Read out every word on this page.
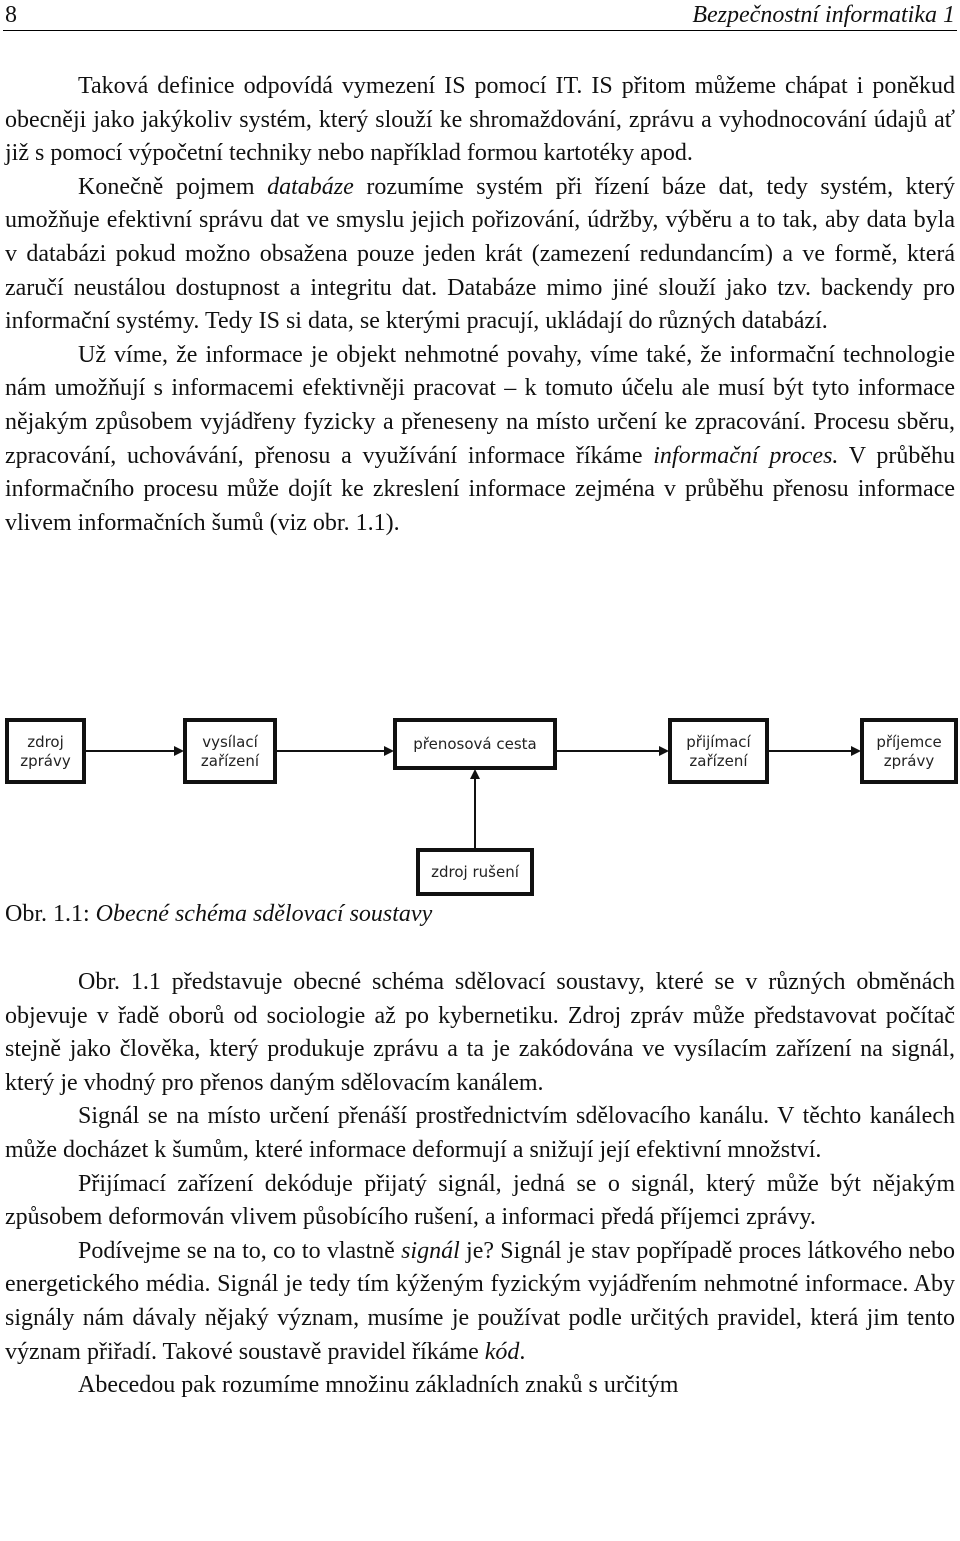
8	Bezpečnostní informatika 1

Taková definice odpovídá vymezení IS pomocí IT. IS přitom můžeme chápat i poněkud obecněji jako jakýkoliv systém, který slouží ke shromaždování, zprávu a vyhodnocování údajů ať již s pomocí výpočetní techniky nebo například formou kartotéky apod.

Konečně pojmem databáze rozumíme systém při řízení báze dat, tedy systém, který umožňuje efektivní správu dat ve smyslu jejich pořizování, údržby, výběru a to tak, aby data byla v databázi pokud možno obsažena pouze jeden krát (zamezení redundancím) a ve formě, která zaručí neustálou dostupnost a integritu dat. Databáze mimo jiné slouží jako tzv. backendy pro informační systémy. Tedy IS si data, se kterými pracují, ukládají do různých databází.

Už víme, že informace je objekt nehmotné povahy, víme také, že informační technologie nám umožňují s informacemi efektivněji pracovat – k tomuto účelu ale musí být tyto informace nějakým způsobem vyjádřeny fyzicky a přeneseny na místo určení ke zpracování. Procesu sběru, zpracování, uchovávání, přenosu a využívání informace říkáme informační proces. V průběhu informačního procesu může dojít ke zkreslení informace zejména v průběhu přenosu informace vlivem informačních šumů (viz obr. 1.1).

zdroj
zprávy
vysílací
zařízení
přenosová cesta	přijímací
zařízení
příjemce
zprávy
zdroj rušení
Obr. 1.1: Obecné schéma sdělovací soustavy

Obr. 1.1 představuje obecné schéma sdělovací soustavy, které se v různých obměnách objevuje v řadě oborů od sociologie až po kybernetiku. Zdroj zpráv může představovat počítač stejně jako člověka, který produkuje zprávu a ta je zakódována ve vysílacím zařízení na signál, který je vhodný pro přenos daným sdělovacím kanálem.

Signál se na místo určení přenáší prostřednictvím sdělovacího kanálu. V těchto kanálech může docházet k šumům, které informace deformují a snižují její efektivní množství.

Přijímací zařízení dekóduje přijatý signál, jedná se o signál, který může být nějakým způsobem deformován vlivem působícího rušení, a informaci předá příjemci zprávy.

Podívejme se na to, co to vlastně signál je? Signál je stav popřípadě proces látkového nebo energetického média. Signál je tedy tím kýženým fyzickým vyjádřením nehmotné informace. Aby signály nám dávaly nějaký význam, musíme je používat podle určitých pravidel, která jim tento význam přiřadí. Takové soustavě pravidel říkáme kód.

Abecedou pak rozumíme množinu základních znaků s určitým
